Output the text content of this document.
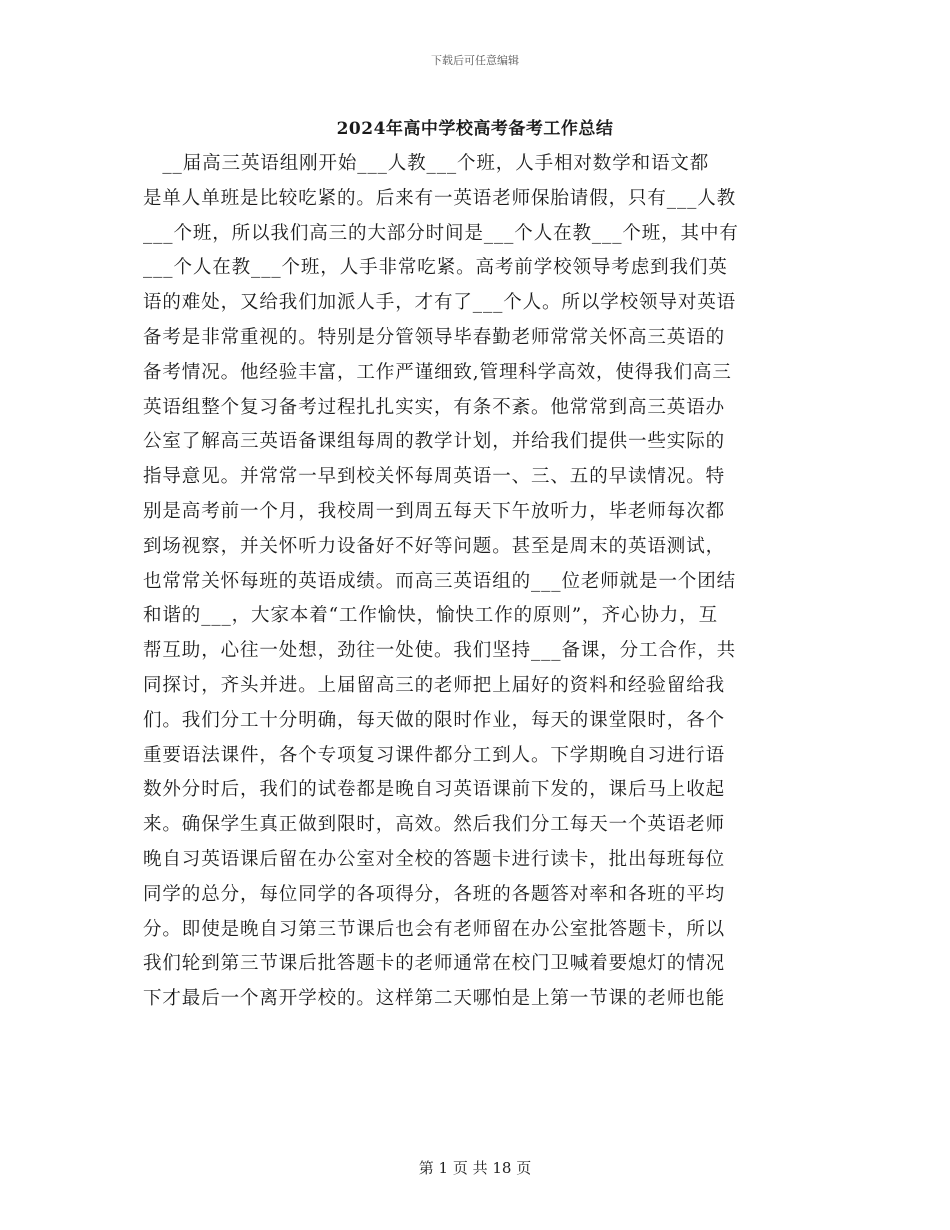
下载后可任意编辑
2024年高中学校高考备考工作总结
　__届高三英语组刚开始___人教___个班，人手相对数学和语文都
是单人单班是比较吃紧的。后来有一英语老师保胎请假，只有___人教
___个班，所以我们高三的大部分时间是___个人在教___个班，其中有
___个人在教___个班，人手非常吃紧。高考前学校领导考虑到我们英
语的难处，又给我们加派人手，才有了___个人。所以学校领导对英语
备考是非常重视的。特别是分管领导毕春勤老师常常关怀高三英语的
备考情况。他经验丰富，工作严谨细致,管理科学高效，使得我们高三
英语组整个复习备考过程扎扎实实，有条不紊。他常常到高三英语办
公室了解高三英语备课组每周的教学计划，并给我们提供一些实际的
指导意见。并常常一早到校关怀每周英语一、三、五的早读情况。特
别是高考前一个月，我校周一到周五每天下午放听力，毕老师每次都
到场视察，并关怀听力设备好不好等问题。甚至是周末的英语测试，
也常常关怀每班的英语成绩。而高三英语组的___位老师就是一个团结
和谐的___，大家本着“工作愉快，愉快工作的原则”，齐心协力，互
帮互助，心往一处想，劲往一处使。我们坚持___备课，分工合作，共
同探讨，齐头并进。上届留高三的老师把上届好的资料和经验留给我
们。我们分工十分明确，每天做的限时作业，每天的课堂限时，各个
重要语法课件，各个专项复习课件都分工到人。下学期晚自习进行语
数外分时后，我们的试卷都是晚自习英语课前下发的，课后马上收起
来。确保学生真正做到限时，高效。然后我们分工每天一个英语老师
晚自习英语课后留在办公室对全校的答题卡进行读卡，批出每班每位
同学的总分，每位同学的各项得分，各班的各题答对率和各班的平均
分。即使是晚自习第三节课后也会有老师留在办公室批答题卡，所以
我们轮到第三节课后批答题卡的老师通常在校门卫喊着要熄灯的情况
下才最后一个离开学校的。这样第二天哪怕是上第一节课的老师也能
第 1 页 共 18 页
